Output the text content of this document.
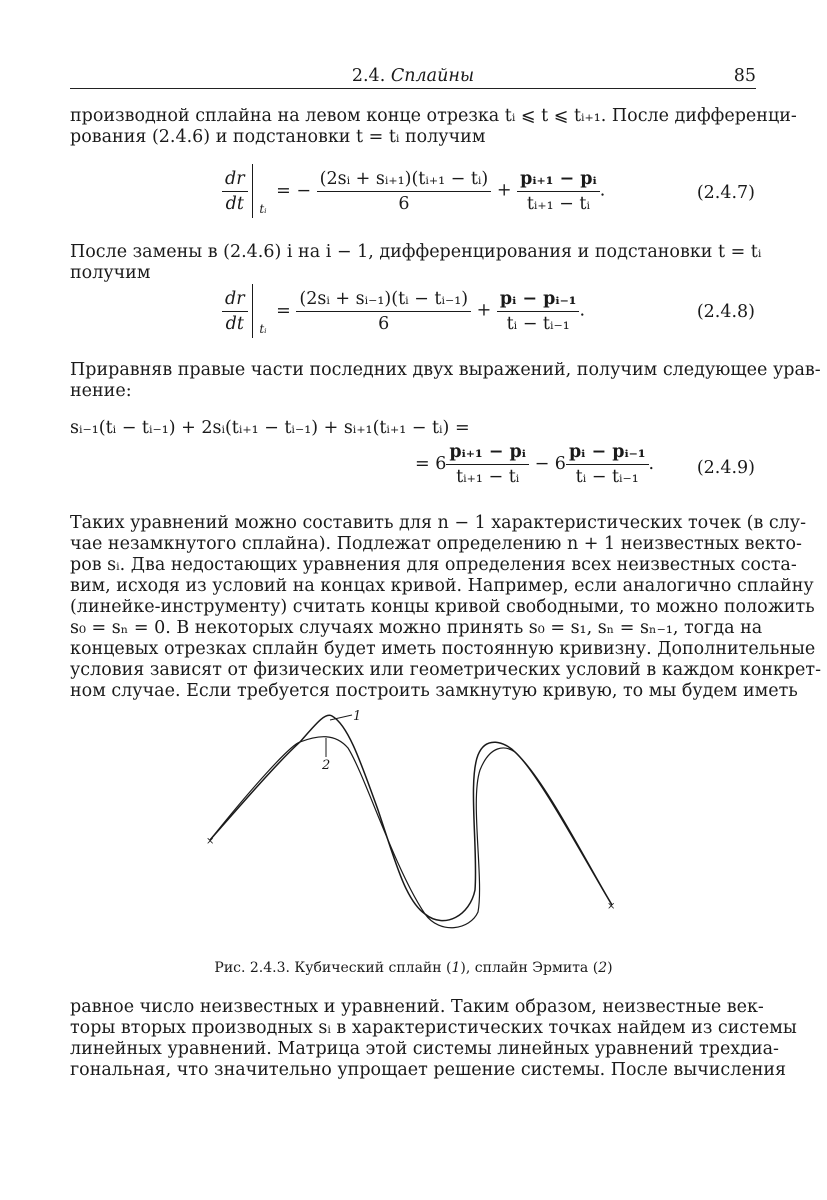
2.4. Сплайны	85
производной сплайна на левом конце отрезка tᵢ ⩽ t ⩽ tᵢ₊₁. После дифференци-
рования (2.4.6) и подстановки t = tᵢ получим
$\frac{dr}{dt}$ tᵢ
= − $\frac{\text{(2sᵢ + sᵢ₊₁)(tᵢ₊₁ − tᵢ)}}{6} + \frac{\text{pᵢ₊₁ − pᵢ}}{\text{tᵢ₊₁ − tᵢ}}$ .	(2.4.7)
После замены в (2.4.6) i на i − 1, дифференцирования и подстановки t = tᵢ
получим
$\frac{dr}{dt}$ tᵢ
= $\frac{\text{(2sᵢ + sᵢ₋₁)(tᵢ − tᵢ₋₁)}}{6} + \frac{\text{pᵢ − pᵢ₋₁}}{\text{tᵢ − tᵢ₋₁}}$ .	(2.4.8)
Приравняв правые части последних двух выражений, получим следующее урав-
нение:
sᵢ₋₁(tᵢ − tᵢ₋₁) + 2sᵢ(tᵢ₊₁ − tᵢ₋₁) + sᵢ₊₁(tᵢ₊₁ − tᵢ) =
= $6 \frac{\text{pᵢ₊₁ − pᵢ}}{\text{tᵢ₊₁ − tᵢ}} - 6 \frac{\text{pᵢ − pᵢ₋₁}}{\text{tᵢ − tᵢ₋₁}}$ . (2.4.9)
Таких уравнений можно составить для n − 1 характеристических точек (в слу-
чае незамкнутого сплайна). Подлежат определению n + 1 неизвестных векто-
ров sᵢ. Два недостающих уравнения для определения всех неизвестных соста-
вим, исходя из условий на концах кривой. Например, если аналогично сплайну
(линейке-инструменту) считать концы кривой свободными, то можно положить
s₀ = sₙ = 0. В некоторых случаях можно принять s₀ = s₁, sₙ = sₙ₋₁, тогда на
концевых отрезках сплайн будет иметь постоянную кривизну. Дополнительные
условия зависят от физических или геометрических условий в каждом конкрет-
ном случае. Если требуется построить замкнутую кривую, то мы будем иметь
1
2
×
×
Рис. 2.4.3. Кубический сплайн (1), сплайн Эрмита (2)
равное число неизвестных и уравнений. Таким образом, неизвестные век-
торы вторых производных sᵢ в характеристических точках найдем из системы
линейных уравнений. Матрица этой системы линейных уравнений трехдиа-
гональная, что значительно упрощает решение системы. После вычисления
